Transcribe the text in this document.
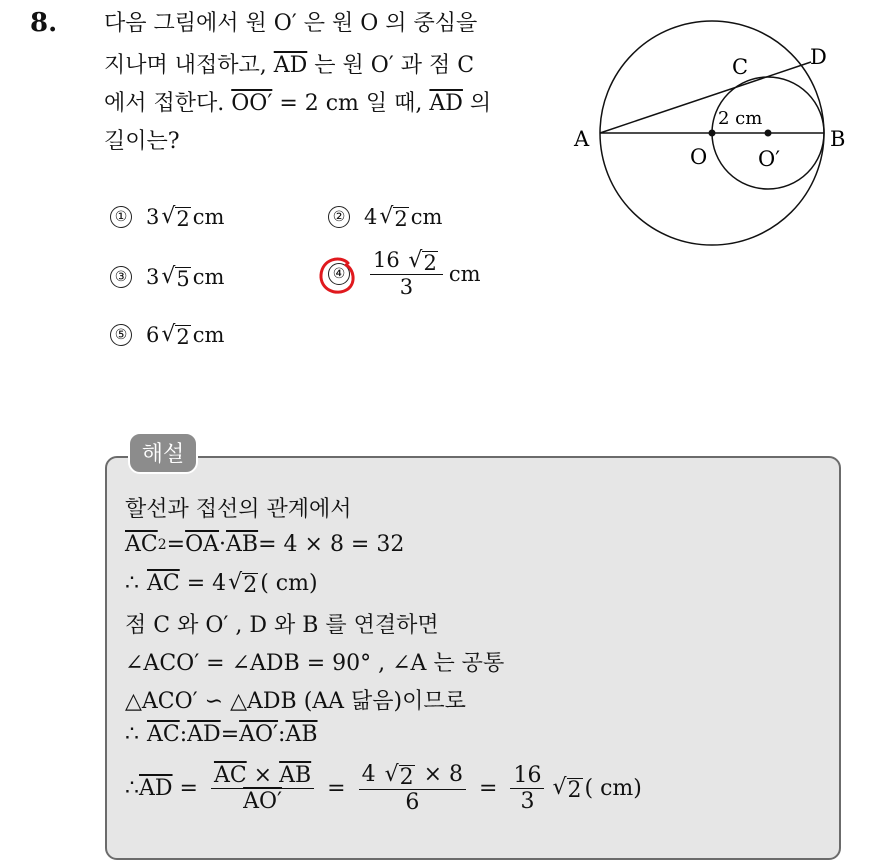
8. 다음 그림에서 원 O′ 은 원 O 의 중심을
지나며 내접하고, $\overline{AD}$ 는 원 O′ 과 점 C
에서 접한다. OO′ = 2 cm 일 때, $\overline{AD}$ 의
길이는?
① 3 √ 2 cm	② 4 √ 2 cm
③ 3 √ 5 cm	④ $\frac{16 √ 2}{3}$ cm
⑤ 6 √ 2 cm
A	B
C	D
O O′
2 cm
해설
할선과 접선의 관계에서
$\overline{AC}$ $2 = \overline{OA} \cdot \overline{AB} = 4 \times 8 = 32$
∴ $\overline{AC} = 4$ √ 2 ( cm)
점 C 와 O′ , D 와 B 를 연결하면
∠ACO′ = ∠ADB = 90° , ∠A 는 공통
△ACO′ ∽ △ADB (AA 닮음)이므로
∴ $\overline{AC}$ : $\overline{AD} = AO'$ : $\overline{AB}$
∴ $\overline{AD} = \frac{\overline{AC} \times \overline{AB}}{AO'} = \frac{4 √ 2 \times 8}{6} = \frac{16}{3}$ √ 2 ( cm)
